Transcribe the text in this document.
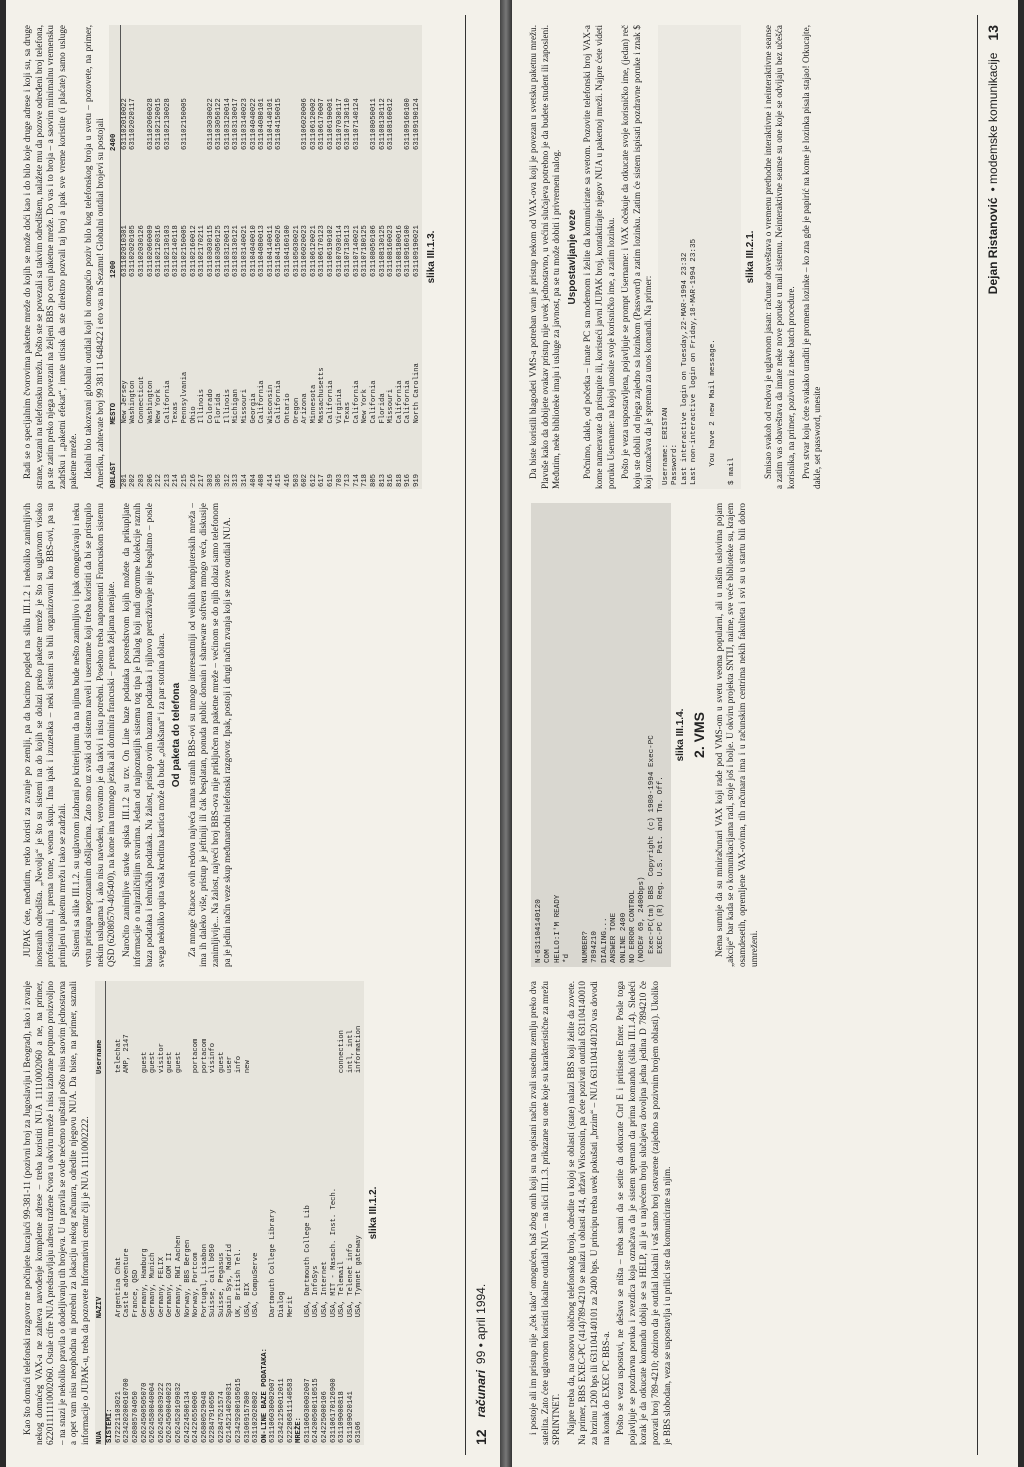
Kao što domaći telefonski razgovor ne počinjete kucajući 99-381-11 (pozivni broj za Jugoslaviju i Beograd), tako i zvanje nekog domaćeg VAX-a ne zahteva navođenje kompletne adrese – treba koristiti NUA 11110002060 a ne, na primer, 62201111110002060. Ostale cifre NUA predstavljaju adresu tražene čvora u okviru mreže i nisu izabrane potpuno proizvoljno – na snazi je nekoliko pravila o dodeljivanju tih brojeva. U ta pravila se ovde nećemo upuštati pošto nisu saovim jednostavna a opet vam nisu neophodna ni potrebni za lokaciju nekog računara, odredite njegovu NUA. Da biste, na primer, saznali informacije o JUPAK-u, treba da pozovete Informativni centar čiji je NUA 11110002222. NUA	NAZIV	Username
SISTEMI:		
672221103021	Argentina Chat	telechat
623420200010700	Castle adventure	AMP, 2147
620805704050	France, QSD	
62624500505070	Germany, Hamburg	guest
62624580040004	Germany, Munich	guest
62624520039222	Germany, FELIX	visitor
62624500040023	Germany, GOM II	guest
62624520109032	Germany, RWI Aachen	guest
624224500134	Norway, BBS Bergen	
624226550006	Norway, Portcom	portacom
626800529048	Portugal, Lisabon	portacom
622847910650	Suisse, call b050	visinfo
622847521574	Suisse, Pegasus	guest
62145214020031	Spain Sys, Madrid	user
623429200105015	UK, British Tel.	info
631069157800	USA, BIX	new
631102020802	USA, CompuServe	
ON-LINE BAZE PODATAKA:		
631106030002007	Dartmouth College Library	
623421250012011	Dialog	
622286811140583	Merit	
MREŽE:		
631106030002007	USA, Dartmouth College Lib	
624200500110515	USA, InfoSys	
624225000106	USA, Internet	
631106170126900	USA, MIT - Masach. Inst. Tech.	
631109000818	USA, Telemail	connection
631109020141	USA, Telenet info	intl, intl
63106	USA, Tymnet gateway	information
slika III.1.2.

JUPAK ćete, međutim, retko koristi za zvanje po zemlji, pa da bacimo pogled na sliku III.1.2 i nekoliko zanimljivih inostranih odredišta. „Nevolja“ je što su sistemi na do kojih se dolazi preko paketne mreže je što su uglavnom visoko profesionalni i, prema tome, veoma skupi. Ima ipak i izuzetaka – neki sistemi su bili organizovani kao BBS-ovi, pa su primljeni u paketnu mrežu i tako se zadržali. Sistemi sa slike III.1.2. su uglavnom izabrani po kriterijumu da na njima bude nešto zanimljivo i ipak omogućavaju i neku vrstu pristupa nepoznanim došljacima. Zato smo uz svaki od sistema naveli i username koji treba koristiti da bi se pristupilo nekim uslugama i, ako nisu navedeni, verovatno je da takvi i nisu potrebni. Posebno treba napomenuti Francuskom sistemu QSD (62080570-405400), na kome ima tumnogo jezika ali dominira francuski – prema željama menjate. Naročito zanimljive stavke spiska III.1.2 su tzv. On Line baze podataka posredstvom kojih možete da prikupljate informacije o najrazličitijim stvarima. Jedan od najpoznatijih sistema tog tipa je Dialog koji nudi ogromne kolekcije raznih baza podataka i tehničkih podataka. Na žalost, pristup ovim bazama podataka i njihovo pretraživanje nije besplatno – posle svega nekoliko upita vaša kreditna kartica može da bude „olakšana“ i za par stotina dolara. Od paketa do telefona Za mnoge čitaoce ovih redova najveća mana stranih BBS-ovi su mnogo interesantniji od velikih kompjuterskih mreža – ima ih daleko više, pristup je jeftiniji ili čak besplatan, ponuda public domain i shareware softvera mnogo veća, diskusije zanimljivije... Na žalost, najveći broj BBS-ova nije priključen na paketne mreže – većinom se do njih dolazi samo telefonom pa je jedini način veze skup međunarodni telefonski razgovor. Ipak, postoji i drugi način zvanja koji se zove outdial NUA.

Radi se o specijalnim čvorovima paketne mreže do kojih se može doći kao i do bilo koje druge adrese i koji su, sa druge strane, vezani na telefonsku mrežu. Pošto ste se povezali sa takvim odredištem, nalažete mu da pozove određeni broj telefona, pa ste zatim preko njega povezani na željeni BBS po ceni paketne mreže. Do vas i to broja – a saovim minimalnu vremensku zadršku i „paketni efekat“, imate utisak da ste direktno pozvali taj broj a ipak sve vreme koristite (i plaćate) samo usluge paketne mreže. Idealni bio takozvani globalni outdial koji bi omogućio poziv bilo kog telefonskog broja u svetu – pozovete, na primer, Ameriku, zahtevate broj 99 381 11 648422 i eto vas na Sezamu! Globalni outdial brojevi su postojali OBLAST	MESTO	1200	2400
201	New Jersey	631102010301	631102010022
202	Washington	631102020105	631102020117
203	Connecticut	631102030126	
206	Washington	631102060009	631102060028
212	New York	631102120316	631102120015
213	California	631102130103	631102130028
214	Texas	631102140118	
215	Pennsylvania	631102150005	631102150005
216	Ohio	631102160012	
217	Illinois	631102170211	
303	Colorado	631103030115	631103030022
305	Florida	631103050125	631103050122
312	Illinois	631103120013	631103120014
313	Michigan	631103130121	631103130017
314	Missouri	631103140021	631103140023
404	Georgia	631104040010	631104040022
408	California	631104080013	631104080101
414	Wisconsin	631104140011	631104140101
415	California	631104150026	631104150015
416	Ontario	631104160100	
503	Oregon	631105030021	
602	Arizona	631106020023	631106020006
612	Minnesota	631106120021	631106120002
617	Massachusetts	631106170123	631106170007
619	California	631106190102	631106190001
703	Virginia	631107030114	631107030117
713	Texas	631107130113	631107130110
714	California	631107140021	631107140124
718	New York	631107180125	
805	California	631108050106	631108050011
813	Florida	631108130125	631108130112
816	Missouri	631108160023	631108160012
818	California	631108180016	
916	California	631109160100	631109160100
919	North Carolina	631109190021	631109190124
slika III.1.3.
12
računari
99 • april 1994.	i postoje ali im pristup nije „ček tako“ omogućen, baš zbog onih koji su na opisani način zvali susednu zemlju preko dva satelita. Zato ćete uglavnom koristiti lokalne outdial NUA – na slici III.1.3. prikazane su one koje su karakteristične za mrežu SPRINTNET. Najpre treba da, na osnovu običnog telefonskog broja, odredite u kojoj se oblasti (state) nalazi BBS koji želite da zovete. Na primer, BBS EXEC-PC (414)789-4210 se nalazi u oblasti 414, državi Wisconsin, pa ćete pozivati outdial 631104140010 za brzinu 1200 bps ili 631104140101 za 2400 bps. U principu treba uvek pokušati „brzim“ – NUA 631104140120 vas dovodi na konak do EXEC PC BBS-a. Pošto se veza uspostavi, ne dešava se ništa – treba sami da se setite da otkucate Ctrl E i pritisnete Enter. Posle toga pojavljuje se pozdravna poruka i zvezdica koja označava da je sistem spreman da prima komandu (slika III.1.4). Sledeći korak je da otkucate komandu dobija se sa HELP, ali je u najvećem broju slučajeva dovoljna jedna jedina D 7894210 če pozvati broj 789-4210; obziron da je outdial lokalni i vaš samo broj ostvarene (zajedno sa pozivnim brojem oblasti). Ukoliko je BBS slobodan, veza se uspostavlja i u prilici ste da komunicirate sa njim.

N-631104140120
COM
HELLO:I'M READY
*d

NUMBER?
7894210
DIALING...
ANSWER TONE
ONLINE 2400
NO ERROR CONTROL
(NODE# 69, 2400bps)
Exec-PC(tm) BBS  Copyright (c) 1980-1994 Exec-PC
EXEC-PC (R) Reg. U.S. Pat. and Tm. Off.
slika III.1.4. 2. VMS Nema sumnje da su miniračunari VAX koji rade pod VMS-om u svetu veoma popularni, ali u našim uslovima pojam „akcije“ bar kada se o komunikacijama radi, stoje još i bolje. U okviru projekta SNTIJ, naime, sve veće biblioteke su, krajem osamdesetih, opremljene VAX-ovima, tih računara ima i u računskim centrima nekih fakulteta i svi su u startu bili dobro umreženi.

Da biste koristili blagodeti VMS-a potreban vam je pristup nekom od VAX-ova koji je povezan u svetsku paketnu mrežu. Plavuše kako da dobijete ovakav pristup nije uvek jednostavno, u većini slučajeva potrebno je da budete student ili zaposleni. Međutim, neke biblioteke imaju i usluge za javnost, pa se tu može dobiti i privremeni nalog. Uspostavljanje veze Počnimo, dakle, od početka – imate PC sa modemom i želite da komunicirate sa svetom. Pozovite telefonski broj VAX-a kome nameravate da pristupite ili, koristeći javni JUPAK broj, kontaktirajte njegov NUA u paketnoj mreži. Najpre ćete videti poruku Username: na kojoj unosite svoje korisničko ime, a zatim lozinku. Pošto je veza uspostavljena, pojavljuje se prompt Username: i VAX očekuje da otkucate svoje korisničko ime, (jedan) reč koju ste dobili od njega zajedno sa lozinkom (Password) a zatim lozinku. Zatim će sistem ispisati pozdravne poruke i znak $ koji označava da je spreman za unos komandi. Na primer:	Username: ERISTAN
Password:
Last interactive login on Tuesday,22-MAR-1994 23:32
Last non-interactive login on Friday,18-MAR-1994 23:35

You have 2 new Mail message.

$ mail
slika III.2.1. Smisao svakoh od redova je uglavnom jasan: računar obaveštava o vremenu prethodne interaktivne i neinteraktivne seanse a zatim vas obaveštava da imate neke nove poruke u mail sistemu. Neinteraktivne seanse su one koje se odvijaju bez učešća korisnika, na primer, pozivom iz neke batch procedure. Prva stvar koju ćete svakako uraditi je promena lozinke – ko zna gde je papirić na kome je lozinka pisala stajao! Otkucajte, dakle, set password, unesite

Dejan Ristanović
• modemske komunikacije
13
